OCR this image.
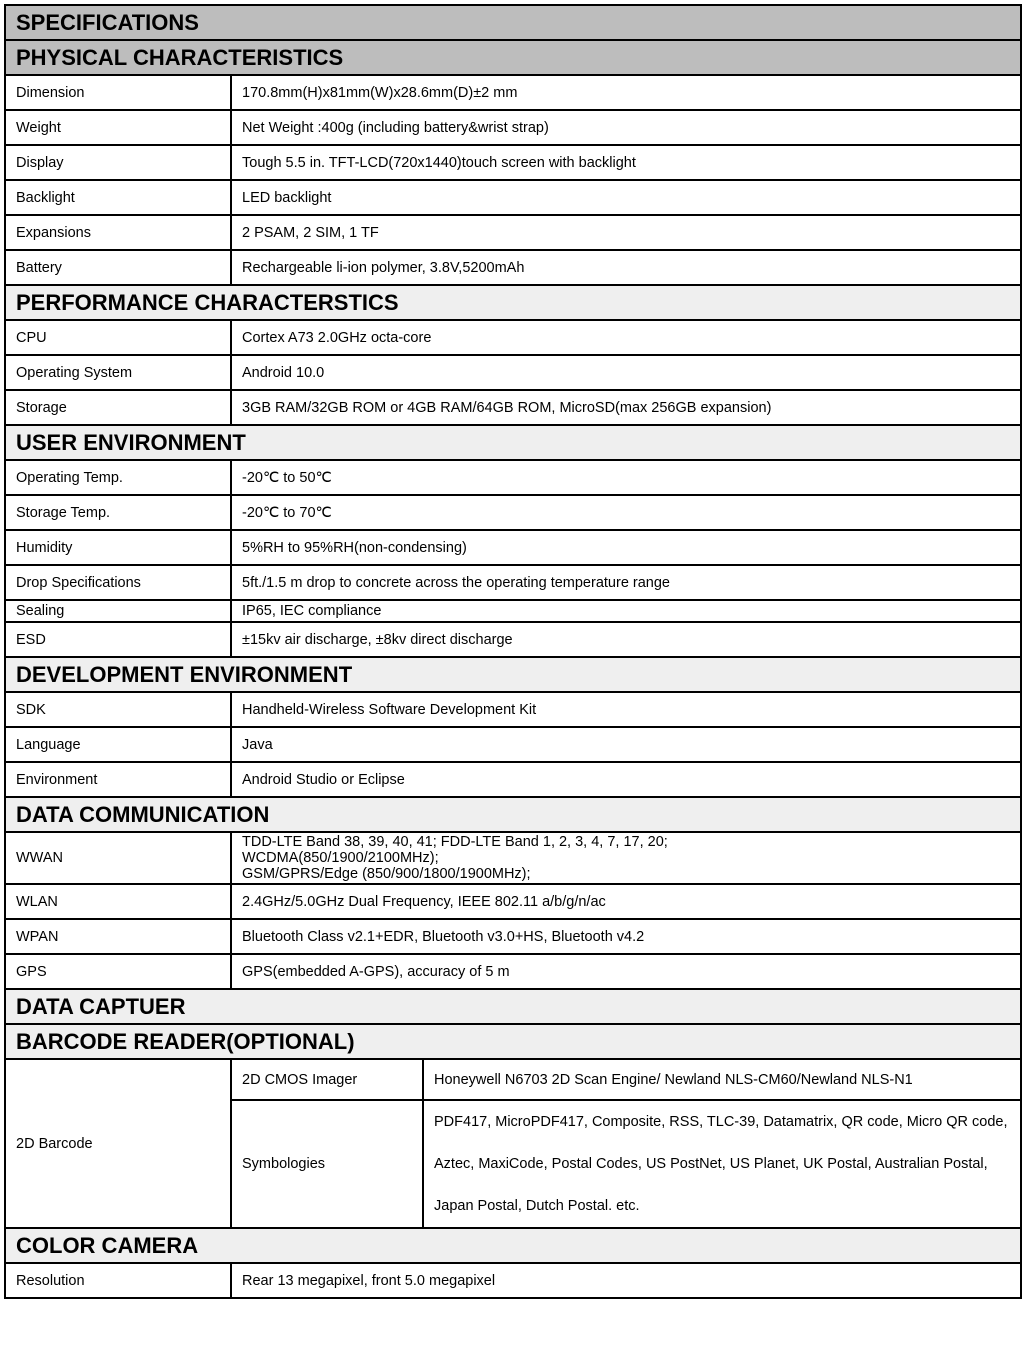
SPECIFICATIONS		
PHYSICAL CHARACTERISTICS		
Dimension	170.8mm(H)x81mm(W)x28.6mm(D)±2 mm	
Weight	Net Weight :400g (including battery&wrist strap)	
Display	Tough 5.5 in. TFT-LCD(720x1440)touch screen with backlight	
Backlight	LED backlight	
Expansions	2 PSAM, 2 SIM, 1 TF	
Battery	Rechargeable li-ion polymer, 3.8V,5200mAh	
PERFORMANCE CHARACTERSTICS		
CPU	Cortex A73 2.0GHz octa-core	
Operating System	Android 10.0	
Storage	3GB RAM/32GB ROM or 4GB RAM/64GB ROM, MicroSD(max 256GB expansion)	
USER ENVIRONMENT		
Operating Temp.	-20℃ to 50℃	
Storage Temp.	-20℃ to 70℃	
Humidity	5%RH to 95%RH(non-condensing)	
Drop Specifications	5ft./1.5 m drop to concrete across the operating temperature range	
Sealing	IP65, IEC compliance	
ESD	±15kv air discharge, ±8kv direct discharge	
DEVELOPMENT ENVIRONMENT		
SDK	Handheld-Wireless Software Development Kit	
Language	Java	
Environment	Android Studio or Eclipse	
DATA COMMUNICATION		
WWAN	TDD-LTE Band 38, 39, 40, 41; FDD-LTE Band 1, 2, 3, 4, 7, 17, 20;
WCDMA(850/1900/2100MHz);
GSM/GPRS/Edge (850/900/1800/1900MHz);	

WLAN	2.4GHz/5.0GHz Dual Frequency, IEEE 802.11 a/b/g/n/ac	
WPAN	Bluetooth Class v2.1+EDR, Bluetooth v3.0+HS, Bluetooth v4.2	
GPS	GPS(embedded A-GPS), accuracy of 5 m	
DATA CAPTUER		
BARCODE READER(OPTIONAL)		
2D Barcode	2D CMOS Imager	Honeywell N6703 2D Scan Engine/ Newland NLS-CM60/Newland NLS-N1
	Symbologies	PDF417, MicroPDF417, Composite, RSS, TLC-39, Datamatrix, QR code, Micro QR code, Aztec, MaxiCode, Postal Codes, US PostNet, US Planet, UK Postal, Australian Postal, Japan Postal, Dutch Postal. etc.
COLOR CAMERA		
Resolution	Rear 13 megapixel, front 5.0 megapixel	
